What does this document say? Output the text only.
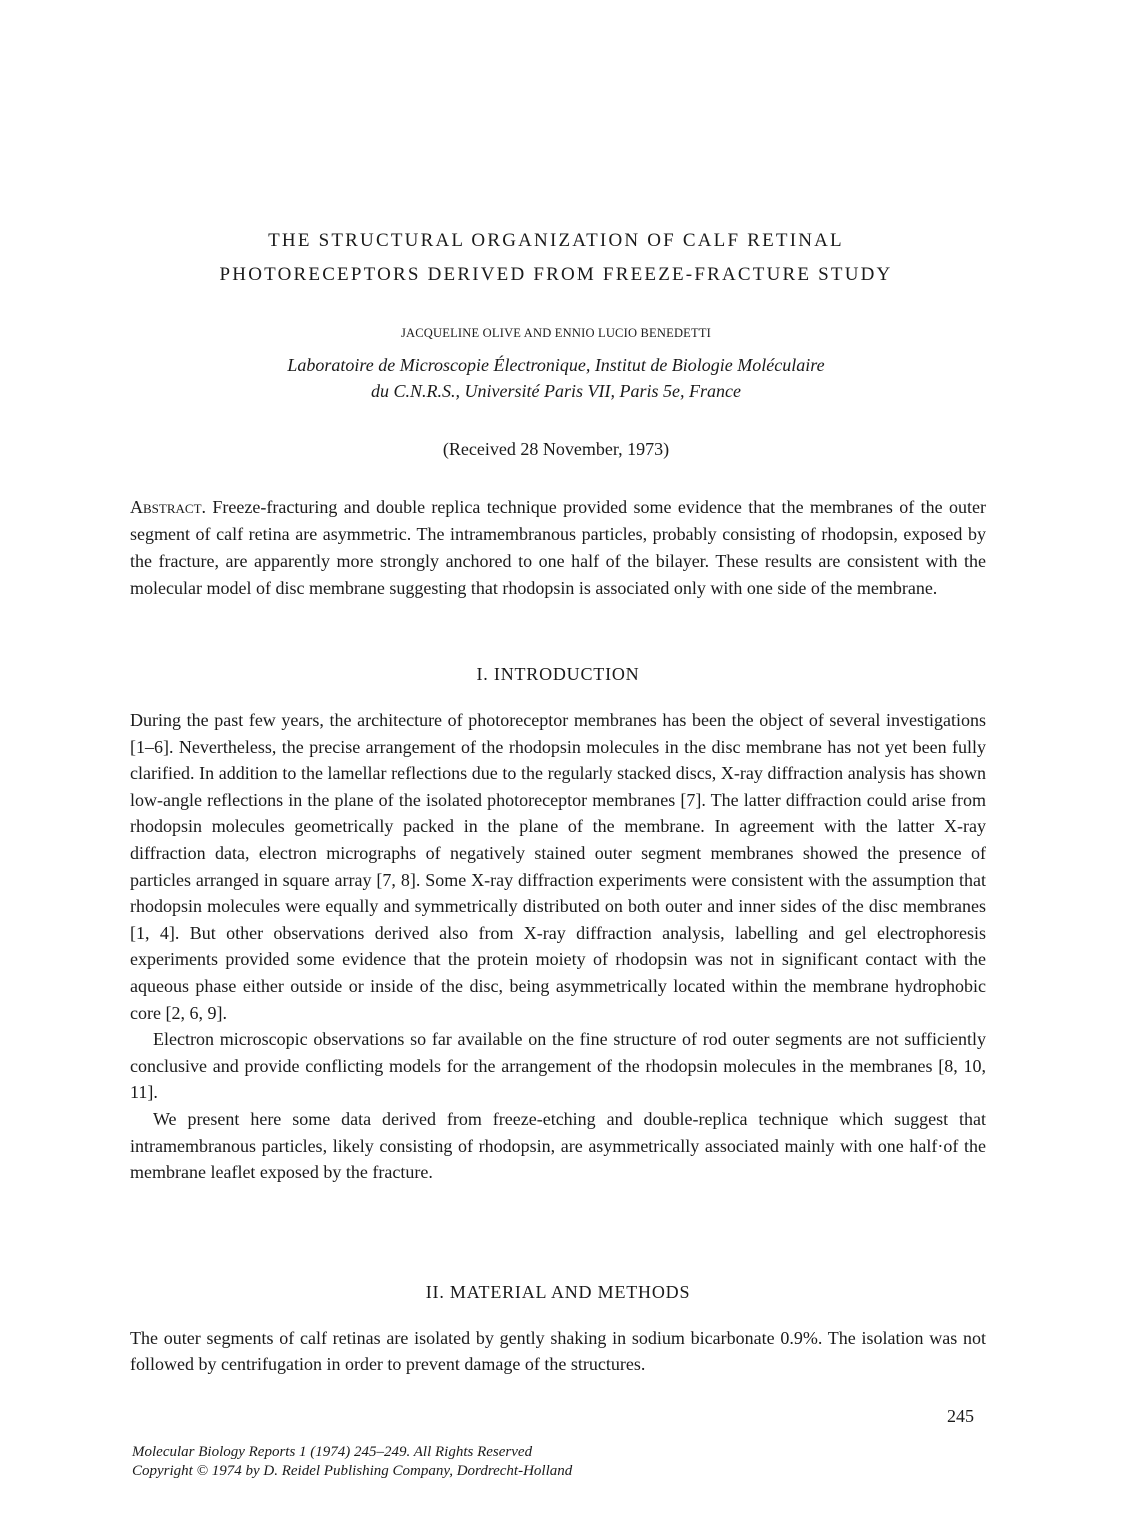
THE STRUCTURAL ORGANIZATION OF CALF RETINAL
PHOTORECEPTORS DERIVED FROM FREEZE-FRACTURE STUDY
JACQUELINE OLIVE AND ENNIO LUCIO BENEDETTI
Laboratoire de Microscopie Électronique, Institut de Biologie Moléculaire
du C.N.R.S., Université Paris VII, Paris 5e, France
(Received 28 November, 1973)

Abstract. Freeze-fracturing and double replica technique provided some evidence that the membranes of the outer segment of calf retina are asymmetric. The intramembranous particles, probably consisting of rhodopsin, exposed by the fracture, are apparently more strongly anchored to one half of the bilayer. These results are consistent with the molecular model of disc membrane suggesting that rhodopsin is associated only with one side of the membrane.

I. INTRODUCTION

During the past few years, the architecture of photoreceptor membranes has been the object of several investigations [1–6]. Nevertheless, the precise arrangement of the rhodopsin molecules in the disc membrane has not yet been fully clarified. In addition to the lamellar reflections due to the regularly stacked discs, X-ray diffraction analysis has shown low-angle reflections in the plane of the isolated photoreceptor membranes [7]. The latter diffraction could arise from rhodopsin molecules geometrically packed in the plane of the membrane. In agreement with the latter X-ray diffraction data, electron micrographs of negatively stained outer segment membranes showed the presence of particles arranged in square array [7, 8]. Some X-ray diffraction experiments were consistent with the assumption that rhodopsin molecules were equally and symmetrically distributed on both outer and inner sides of the disc membranes [1, 4]. But other observations derived also from X-ray diffraction analysis, labelling and gel electrophoresis experiments provided some evidence that the protein moiety of rhodopsin was not in significant contact with the aqueous phase either outside or inside of the disc, being asymmetrically located within the membrane hydrophobic core [2, 6, 9].

Electron microscopic observations so far available on the fine structure of rod outer segments are not sufficiently conclusive and provide conflicting models for the arrangement of the rhodopsin molecules in the membranes [8, 10, 11].

We present here some data derived from freeze-etching and double-replica technique which suggest that intramembranous particles, likely consisting of rhodopsin, are asymmetrically associated mainly with one half·of the membrane leaflet exposed by the fracture.

II. MATERIAL AND METHODS

The outer segments of calf retinas are isolated by gently shaking in sodium bicarbonate 0.9%. The isolation was not followed by centrifugation in order to prevent damage of the structures.

245
Molecular Biology Reports 1 (1974) 245–249. All Rights Reserved
Copyright © 1974 by D. Reidel Publishing Company, Dordrecht-Holland
